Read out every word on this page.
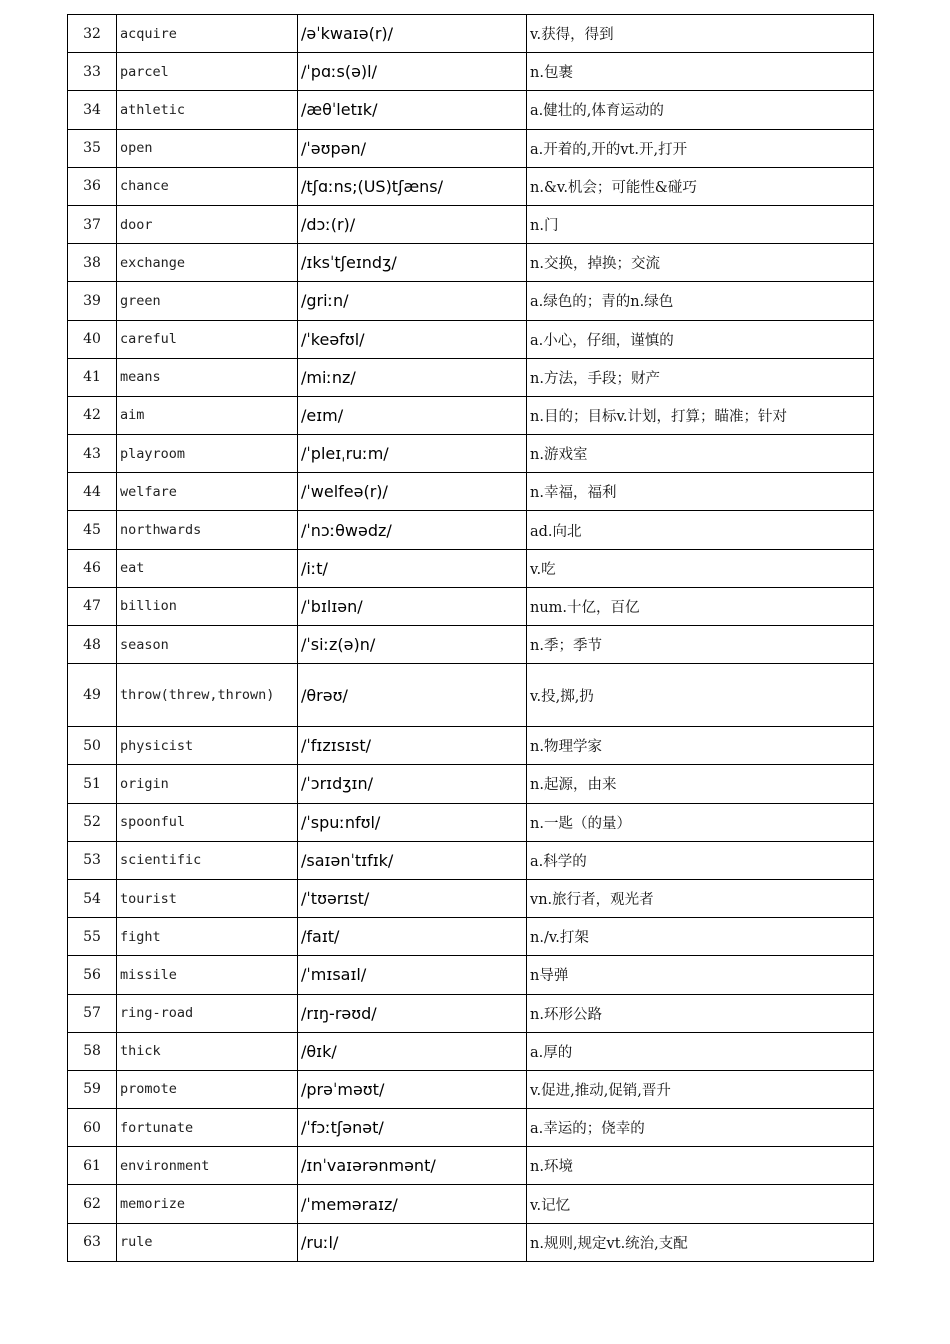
32	acquire	/əˈkwaɪə(r)/	v.获得，得到
33	parcel	/ˈpɑːs(ə)l/	n.包裹
34	athletic	/æθˈletɪk/	a.健壮的,体育运动的
35	open	/ˈəʊpən/	a.开着的,开的vt.开,打开
36	chance	/tʃɑːns;(US)tʃæns/	n.&v.机会；可能性&碰巧
37	door	/dɔː(r)/	n.门
38	exchange	/ɪksˈtʃeɪndʒ/	n.交换，掉换；交流
39	green	/griːn/	a.绿色的；青的n.绿色
40	careful	/ˈkeəfʊl/	a.小心，仔细，谨慎的
41	means	/miːnz/	n.方法，手段；财产
42	aim	/eɪm/	n.目的；目标v.计划，打算；瞄准；针对
43	playroom	/ˈpleɪˌruːm/	n.游戏室
44	welfare	/ˈwelfeə(r)/	n.幸福，福利
45	northwards	/ˈnɔːθwədz/	ad.向北
46	eat	/iːt/	v.吃
47	billion	/ˈbɪlɪən/	num.十亿，百亿
48	season	/ˈsiːz(ə)n/	n.季；季节
49	throw(threw,thrown)	/θrəʊ/	v.投,掷,扔
50	physicist	/ˈfɪzɪsɪst/	n.物理学家
51	origin	/ˈɔrɪdʒɪn/	n.起源，由来
52	spoonful	/ˈspuːnfʊl/	n.一匙（的量）
53	scientific	/saɪənˈtɪfɪk/	a.科学的
54	tourist	/ˈtʊərɪst/	vn.旅行者，观光者
55	fight	/faɪt/	n./v.打架
56	missile	/ˈmɪsaɪl/	n导弹
57	ring-road	/rɪŋ-rəʊd/	n.环形公路
58	thick	/θɪk/	a.厚的
59	promote	/prəˈməʊt/	v.促进,推动,促销,晋升
60	fortunate	/ˈfɔːtʃənət/	a.幸运的；侥幸的
61	environment	/ɪnˈvaɪərənmənt/	n.环境
62	memorize	/ˈmeməraɪz/	v.记忆
63	rule	/ruːl/	n.规则,规定vt.统治,支配
